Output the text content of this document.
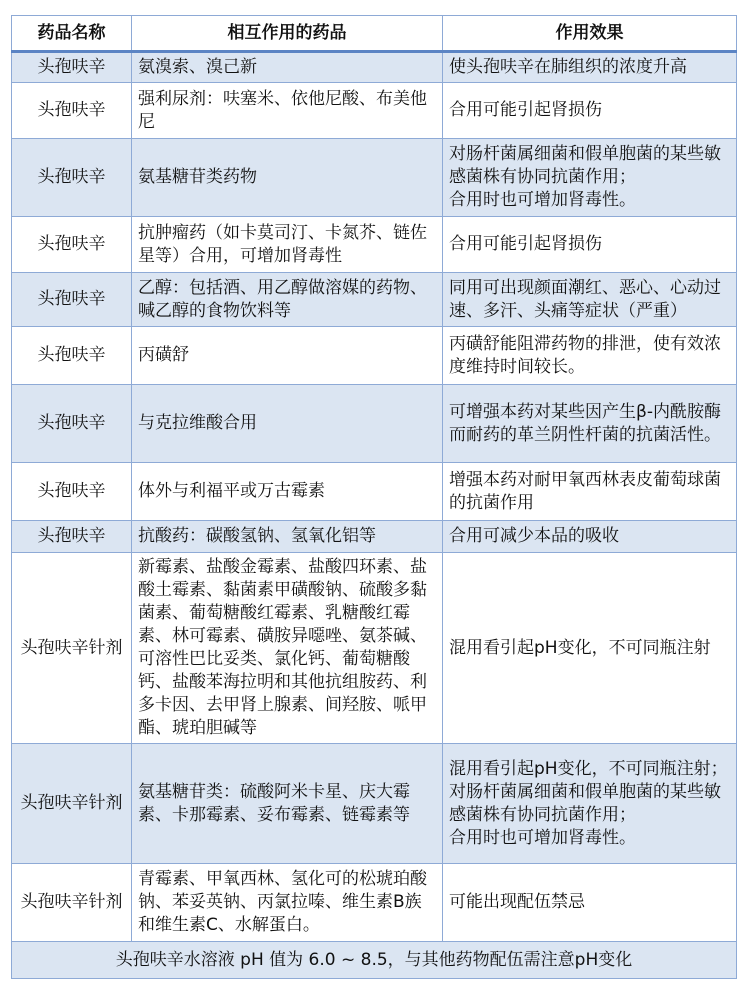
药品名称	相互作用的药品	作用效果
头孢呋辛	氨溴索、溴己新	使头孢呋辛在肺组织的浓度升高
头孢呋辛	强利尿剂：呋塞米、依他尼酸、布美他尼	合用可能引起肾损伤
头孢呋辛	氨基糖苷类药物	对肠杆菌属细菌和假单胞菌的某些敏感菌株有协同抗菌作用；
合用时也可增加肾毒性。

头孢呋辛	抗肿瘤药（如卡莫司汀、卡氮芥、链佐星等）合用，可增加肾毒性	合用可能引起肾损伤
头孢呋辛	乙醇：包括酒、用乙醇做溶媒的药物、喊乙醇的食物饮料等	同用可出现颜面潮红、恶心、心动过速、多汗、头痛等症状（严重）
头孢呋辛	丙磺舒	丙磺舒能阻滞药物的排泄，使有效浓度维持时间较长。
头孢呋辛	与克拉维酸合用	可增强本药对某些因产生β-内酰胺酶而耐药的革兰阴性杆菌的抗菌活性。
头孢呋辛	体外与利福平或万古霉素	增强本药对耐甲氧西林表皮葡萄球菌的抗菌作用
头孢呋辛	抗酸药：碳酸氢钠、氢氧化铝等	合用可减少本品的吸收
头孢呋辛针剂	新霉素、盐酸金霉素、盐酸四环素、盐酸土霉素、黏菌素甲磺酸钠、硫酸多黏菌素、葡萄糖酸红霉素、乳糖酸红霉素、林可霉素、磺胺异噁唑、氨茶碱、可溶性巴比妥类、氯化钙、葡萄糖酸钙、盐酸苯海拉明和其他抗组胺药、利多卡因、去甲肾上腺素、间羟胺、哌甲酯、琥珀胆碱等	混用看引起pH变化，不可同瓶注射
头孢呋辛针剂	氨基糖苷类：硫酸阿米卡星、庆大霉素、卡那霉素、妥布霉素、链霉素等	混用看引起pH变化，不可同瓶注射；
对肠杆菌属细菌和假单胞菌的某些敏感菌株有协同抗菌作用；
合用时也可增加肾毒性。

头孢呋辛针剂	青霉素、甲氧西林、氢化可的松琥珀酸钠、苯妥英钠、丙氯拉嗪、维生素B族和维生素C、水解蛋白。	可能出现配伍禁忌
头孢呋辛水溶液 pH 值为 6.0 ~ 8.5，与其他药物配伍需注意pH变化		
